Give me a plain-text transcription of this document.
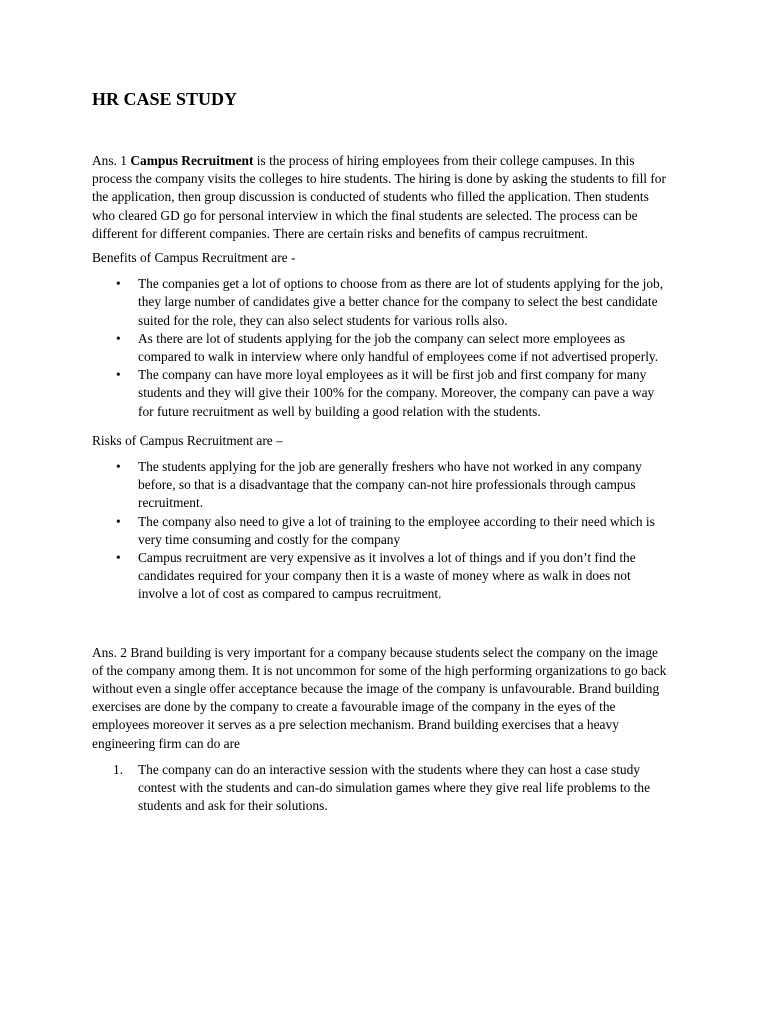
HR CASE STUDY

Ans. 1 Campus Recruitment is the process of hiring employees from their college campuses. In this process the company visits the colleges to hire students. The hiring is done by asking the students to fill for the application, then group discussion is conducted of students who filled the application. Then students who cleared GD go for personal interview in which the final students are selected. The process can be different for different companies. There are certain risks and benefits of campus recruitment.

Benefits of Campus Recruitment are -

• The companies get a lot of options to choose from as there are lot of students applying for the job, they large number of candidates give a better chance for the company to select the best candidate suited for the role, they can also select students for various rolls also.
• As there are lot of students applying for the job the company can select more employees as compared to walk in interview where only handful of employees come if not advertised properly.
• The company can have more loyal employees as it will be first job and first company for many students and they will give their 100% for the company. Moreover, the company can pave a way for future recruitment as well by building a good relation with the students.

Risks of Campus Recruitment are –

• The students applying for the job are generally freshers who have not worked in any company before, so that is a disadvantage that the company can-not hire professionals through campus recruitment.
• The company also need to give a lot of training to the employee according to their need which is very time consuming and costly for the company
• Campus recruitment are very expensive as it involves a lot of things and if you don’t find the candidates required for your company then it is a waste of money where as walk in does not involve a lot of cost as compared to campus recruitment.

Ans. 2 Brand building is very important for a company because students select the company on the image of the company among them. It is not uncommon for some of the high performing organizations to go back without even a single offer acceptance because the image of the company is unfavourable. Brand building exercises are done by the company to create a favourable image of the company in the eyes of the employees moreover it serves as a pre selection mechanism. Brand building exercises that a heavy engineering firm can do are

1. The company can do an interactive session with the students where they can host a case study contest with the students and can-do simulation games where they give real life problems to the students and ask for their solutions.
